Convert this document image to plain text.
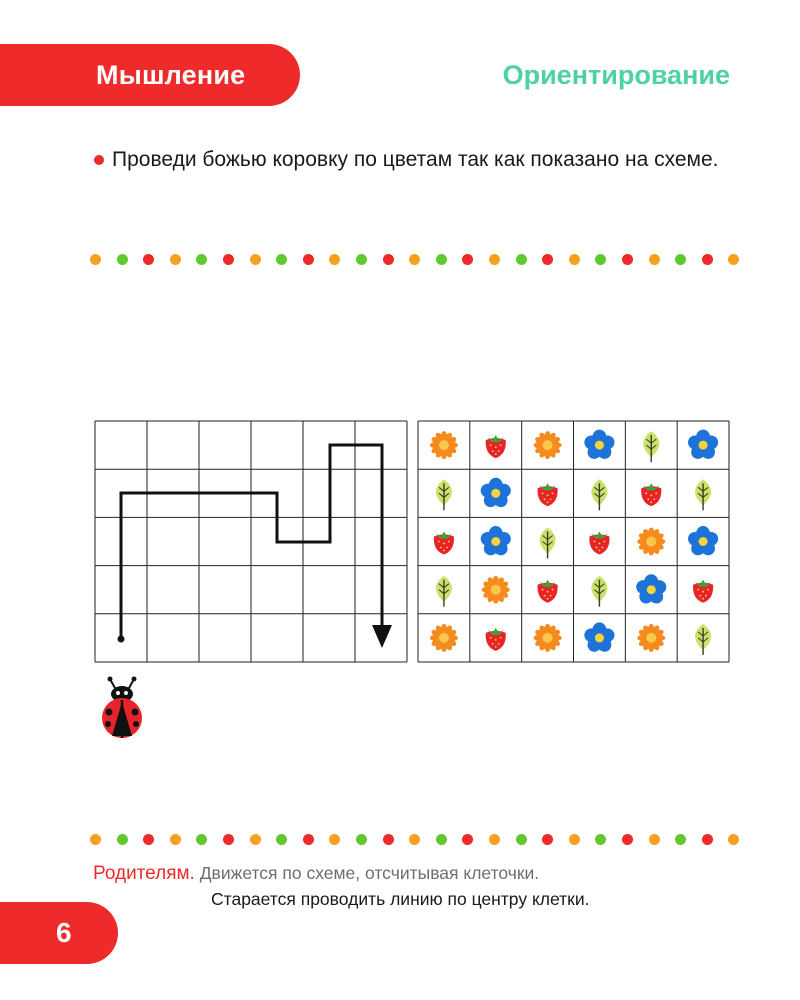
Мышление	Ориентирование
Проведи божью коровку по цветам так как показано на схеме.
Родителям. Движется по схеме, отсчитывая клеточки.
Старается проводить линию по центру клетки.
6
